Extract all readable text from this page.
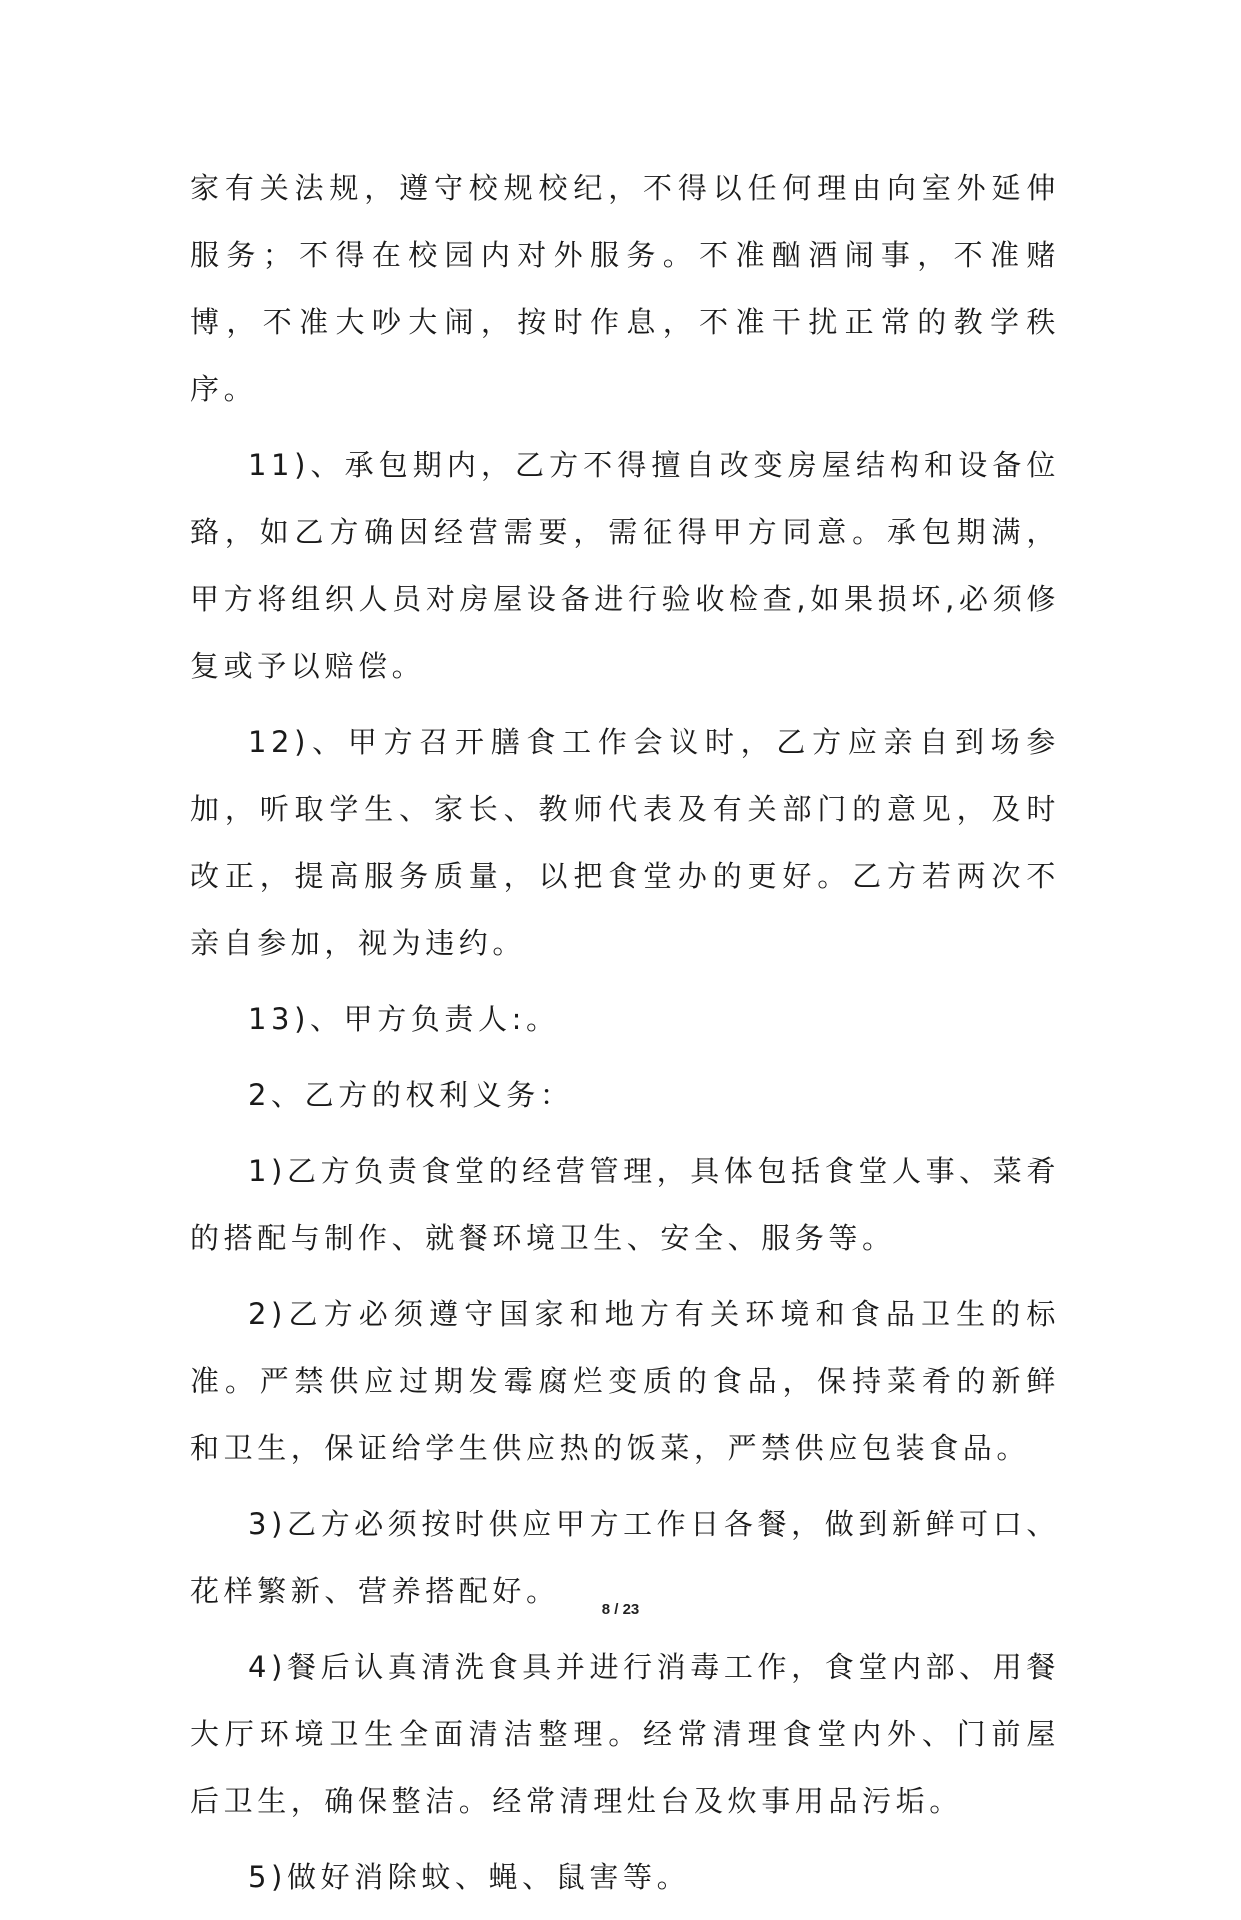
家有关法规，遵守校规校纪，不得以任何理由向室外延伸服务；不得在校园内对外服务。不准酗酒闹事，不准赌博，不准大吵大闹，按时作息，不准干扰正常的教学秩序。

11)、承包期内，乙方不得擅自改变房屋结构和设备位臵，如乙方确因经营需要，需征得甲方同意。承包期满，甲方将组织人员对房屋设备进行验收检查,如果损坏,必须修复或予以赔偿。

12)、甲方召开膳食工作会议时，乙方应亲自到场参加，听取学生、家长、教师代表及有关部门的意见，及时改正，提高服务质量，以把食堂办的更好。乙方若两次不亲自参加，视为违约。

13)、甲方负责人:。

2、乙方的权利义务：

1)乙方负责食堂的经营管理，具体包括食堂人事、菜肴的搭配与制作、就餐环境卫生、安全、服务等。

2)乙方必须遵守国家和地方有关环境和食品卫生的标准。严禁供应过期发霉腐烂变质的食品，保持菜肴的新鲜和卫生，保证给学生供应热的饭菜，严禁供应包装食品。

3)乙方必须按时供应甲方工作日各餐，做到新鲜可口、花样繁新、营养搭配好。

4)餐后认真清洗食具并进行消毒工作，食堂内部、用餐大厅环境卫生全面清洁整理。经常清理食堂内外、门前屋后卫生，确保整洁。经常清理灶台及炊事用品污垢。

5)做好消除蚊、蝇、鼠害等。

8 / 23
